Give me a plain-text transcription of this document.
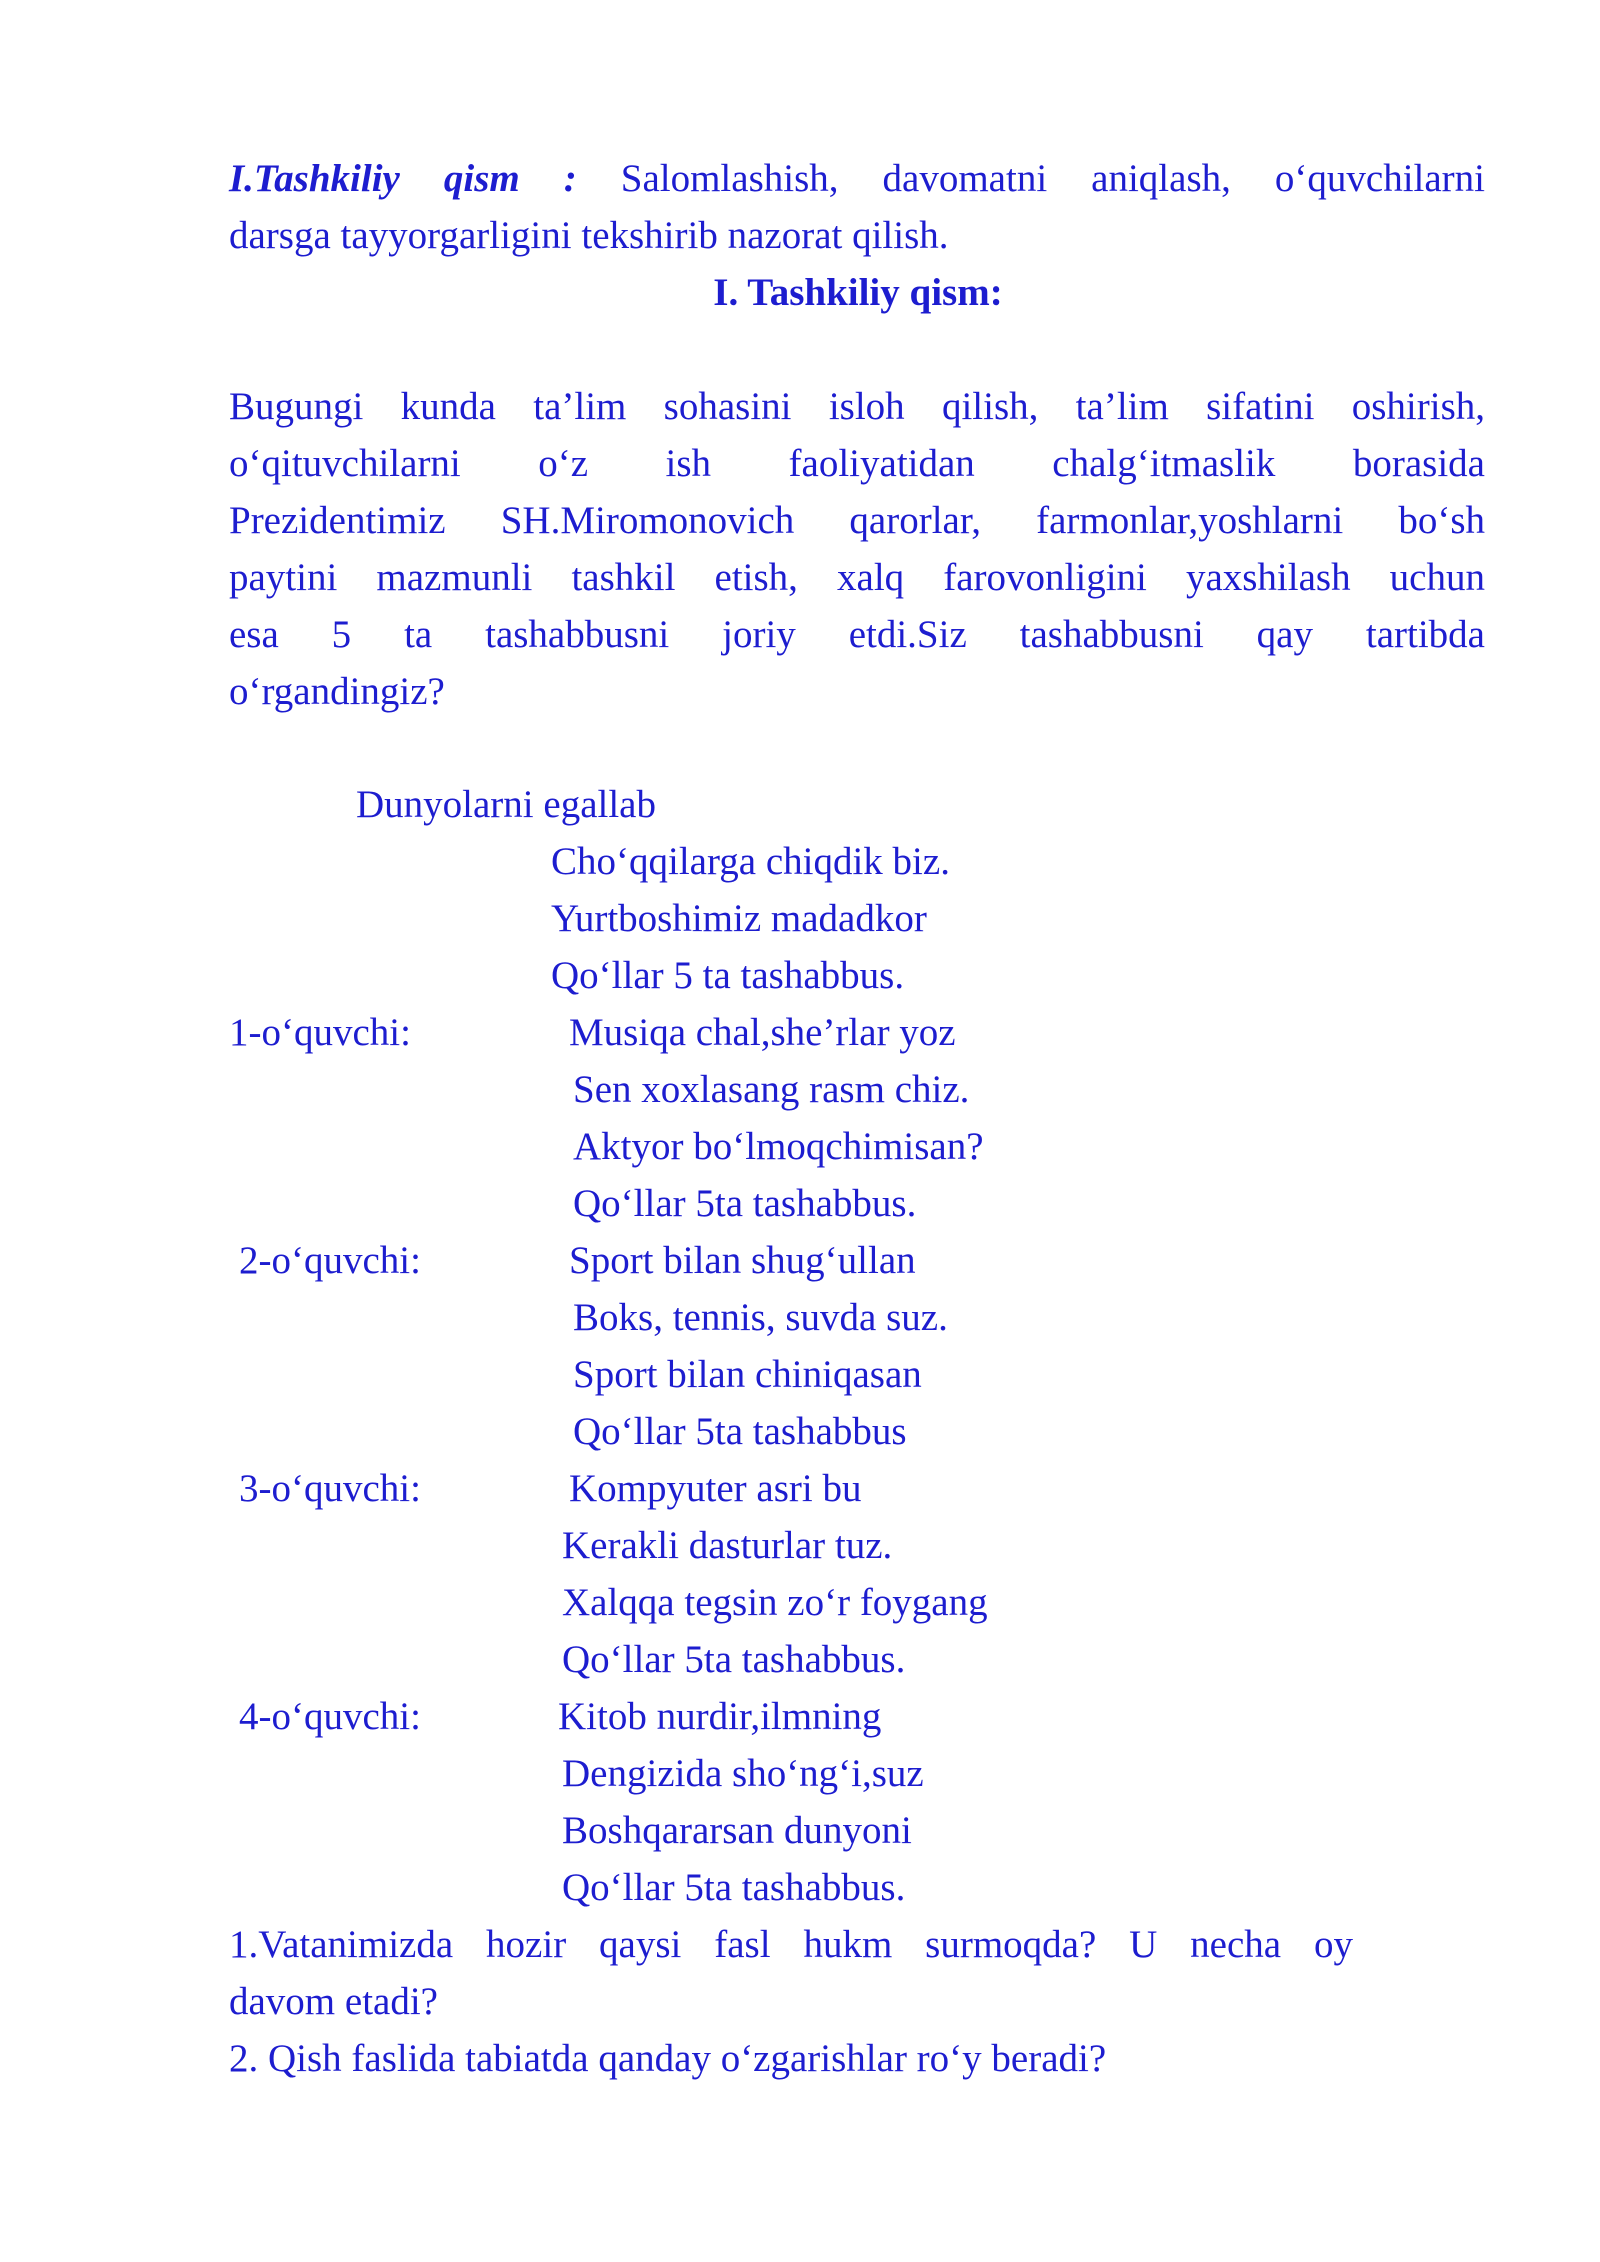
I.Tashkiliy qism : Salomlashish, davomatni aniqlash, o‘quvchilarni

darsga tayyorgarligini tekshirib nazorat qilish.

I. Tashkiliy qism:

Bugungi kunda ta’lim sohasini isloh qilish, ta’lim sifatini oshirish,

o‘qituvchilarni o‘z ish faoliyatidan chalg‘itmaslik borasida

Prezidentimiz SH.Miromonovich qarorlar, farmonlar,yoshlarni bo‘sh

paytini mazmunli tashkil etish, xalq farovonligini yaxshilash uchun

esa 5 ta tashabbusni joriy etdi.Siz tashabbusni qay tartibda

o‘rgandingiz?

Dunyolarni egallab

Cho‘qqilarga chiqdik biz.

Yurtboshimiz madadkor

Qo‘llar 5 ta tashabbus.

1-o‘quvchi:	Musiqa chal,she’rlar yoz

Sen xoxlasang rasm chiz.

Aktyor bo‘lmoqchimisan?

Qo‘llar 5ta tashabbus.

2-o‘quvchi:	Sport bilan shug‘ullan

Boks, tennis, suvda suz.

Sport bilan chiniqasan

Qo‘llar 5ta tashabbus

3-o‘quvchi:	Kompyuter asri bu

Kerakli dasturlar tuz.

Xalqqa tegsin zo‘r foygang

Qo‘llar 5ta tashabbus.

4-o‘quvchi:	Kitob nurdir,ilmning

Dengizida sho‘ng‘i,suz

Boshqararsan dunyoni

Qo‘llar 5ta tashabbus.

1.Vatanimizda hozir qaysi fasl hukm surmoqda? U necha oy

davom etadi?

2. Qish faslida tabiatda qanday o‘zgarishlar ro‘y beradi?
